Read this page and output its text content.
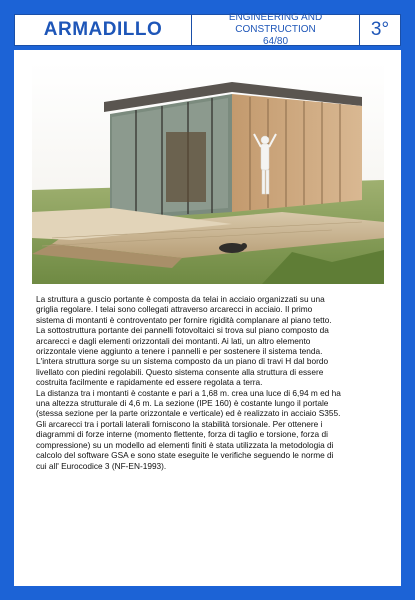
ARMADILLO
ENGINEERING AND CONSTRUCTION
64/80
3°
La struttura a guscio portante è composta da telai in acciaio organizzati su una
griglia regolare. I telai sono collegati attraverso arcarecci in acciaio. Il primo
sistema di montanti è controventato per fornire rigidità complanare al piano tetto.
La sottostruttura portante dei pannelli fotovoltaici si trova sul piano composto da
arcarecci e dagli elementi orizzontali dei montanti. Ai lati, un altro elemento
orizzontale viene aggiunto a tenere i pannelli e per sostenere il sistema tenda.
L'intera struttura sorge su un sistema composto da un piano di travi H dal bordo
livellato con piedini regolabili. Questo sistema consente alla struttura di essere
costruita facilmente e rapidamente ed essere regolata a terra.
La distanza tra i montanti è costante e pari a 1,68 m. crea una luce di 6,94 m ed ha
una altezza strutturale di 4,6 m. La sezione (IPE 160) è costante lungo il portale
(stessa sezione per la parte orizzontale e verticale) ed è realizzato in acciaio S355.
Gli arcarecci tra i portali laterali forniscono la stabilità torsionale. Per ottenere i
diagrammi di forze interne (momento flettente, forza di taglio e torsione, forza di
compressione) su un modello ad elementi finiti è stata utilizzata la metodologia di
calcolo del software GSA e sono state eseguite le verifiche seguendo le norme di
cui all' Eurocodice 3 (NF-EN-1993).
